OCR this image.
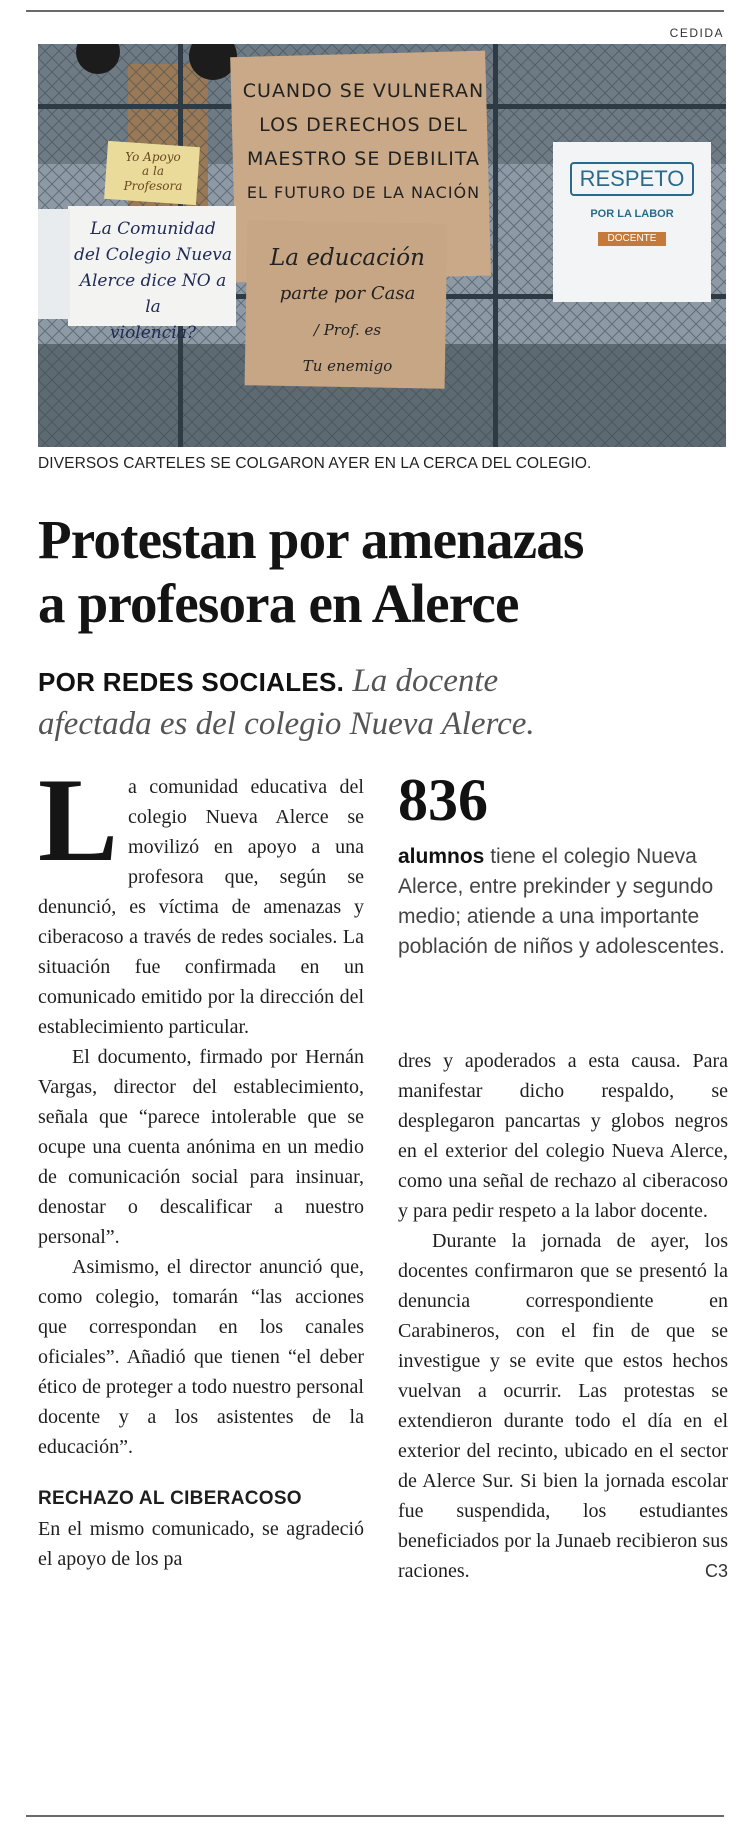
CEDIDA
CUANDO SE VULNERAN
LOS DERECHOS DEL
MAESTRO SE DEBILITA
EL FUTURO DE LA NACIÓN
Yo Apoyo
a la
Profesora
La Comunidad
del Colegio Nueva
Alerce dice NO a la
violencia?
La educación
parte por Casa
/ Prof. es
Tu enemigo
RESPETO
POR LA LABOR
DOCENTE
DIVERSOS CARTELES SE COLGARON AYER EN LA CERCA DEL COLEGIO.
Protestan por amenazas
a profesora en Alerce
POR REDES SOCIALES. La docente
afectada es del colegio Nueva Alerce.

L a comunidad educativa del colegio Nueva Alerce se movilizó en apoyo a una profesora que, según se denunció, es víctima de amenazas y ciberacoso a través de redes sociales. La situación fue confirmada en un comunicado emitido por la dirección del establecimiento particular.

El documento, firmado por Hernán Vargas, director del establecimiento, señala que “parece intolerable que se ocupe una cuenta anónima en un medio de comunicación social para insinuar, denostar o descalificar a nuestro personal”.

Asimismo, el director anunció que, como colegio, tomarán “las acciones que correspondan en los canales oficiales”. Añadió que tienen “el deber ético de proteger a todo nuestro personal docente y a los asistentes de la educación”.

RECHAZO AL CIBERACOSO

En el mismo comunicado, se agradeció el apoyo de los pa

836
alumnos tiene el colegio Nueva Alerce, entre prekinder y segundo medio; atiende a una importante población de niños y adolescentes.

dres y apoderados a esta causa. Para manifestar dicho respaldo, se desplegaron pancartas y globos negros en el exterior del colegio Nueva Alerce, como una señal de rechazo al ciberacoso y para pedir respeto a la labor docente.

Durante la jornada de ayer, los docentes confirmaron que se presentó la denuncia correspondiente en Carabineros, con el fin de que se investigue y se evite que estos hechos vuelvan a ocurrir. Las protestas se extendieron durante todo el día en el exterior del recinto, ubicado en el sector de Alerce Sur. Si bien la jornada escolar fue suspendida, los estudiantes beneficiados por la Junaeb recibieron sus raciones.	C3
